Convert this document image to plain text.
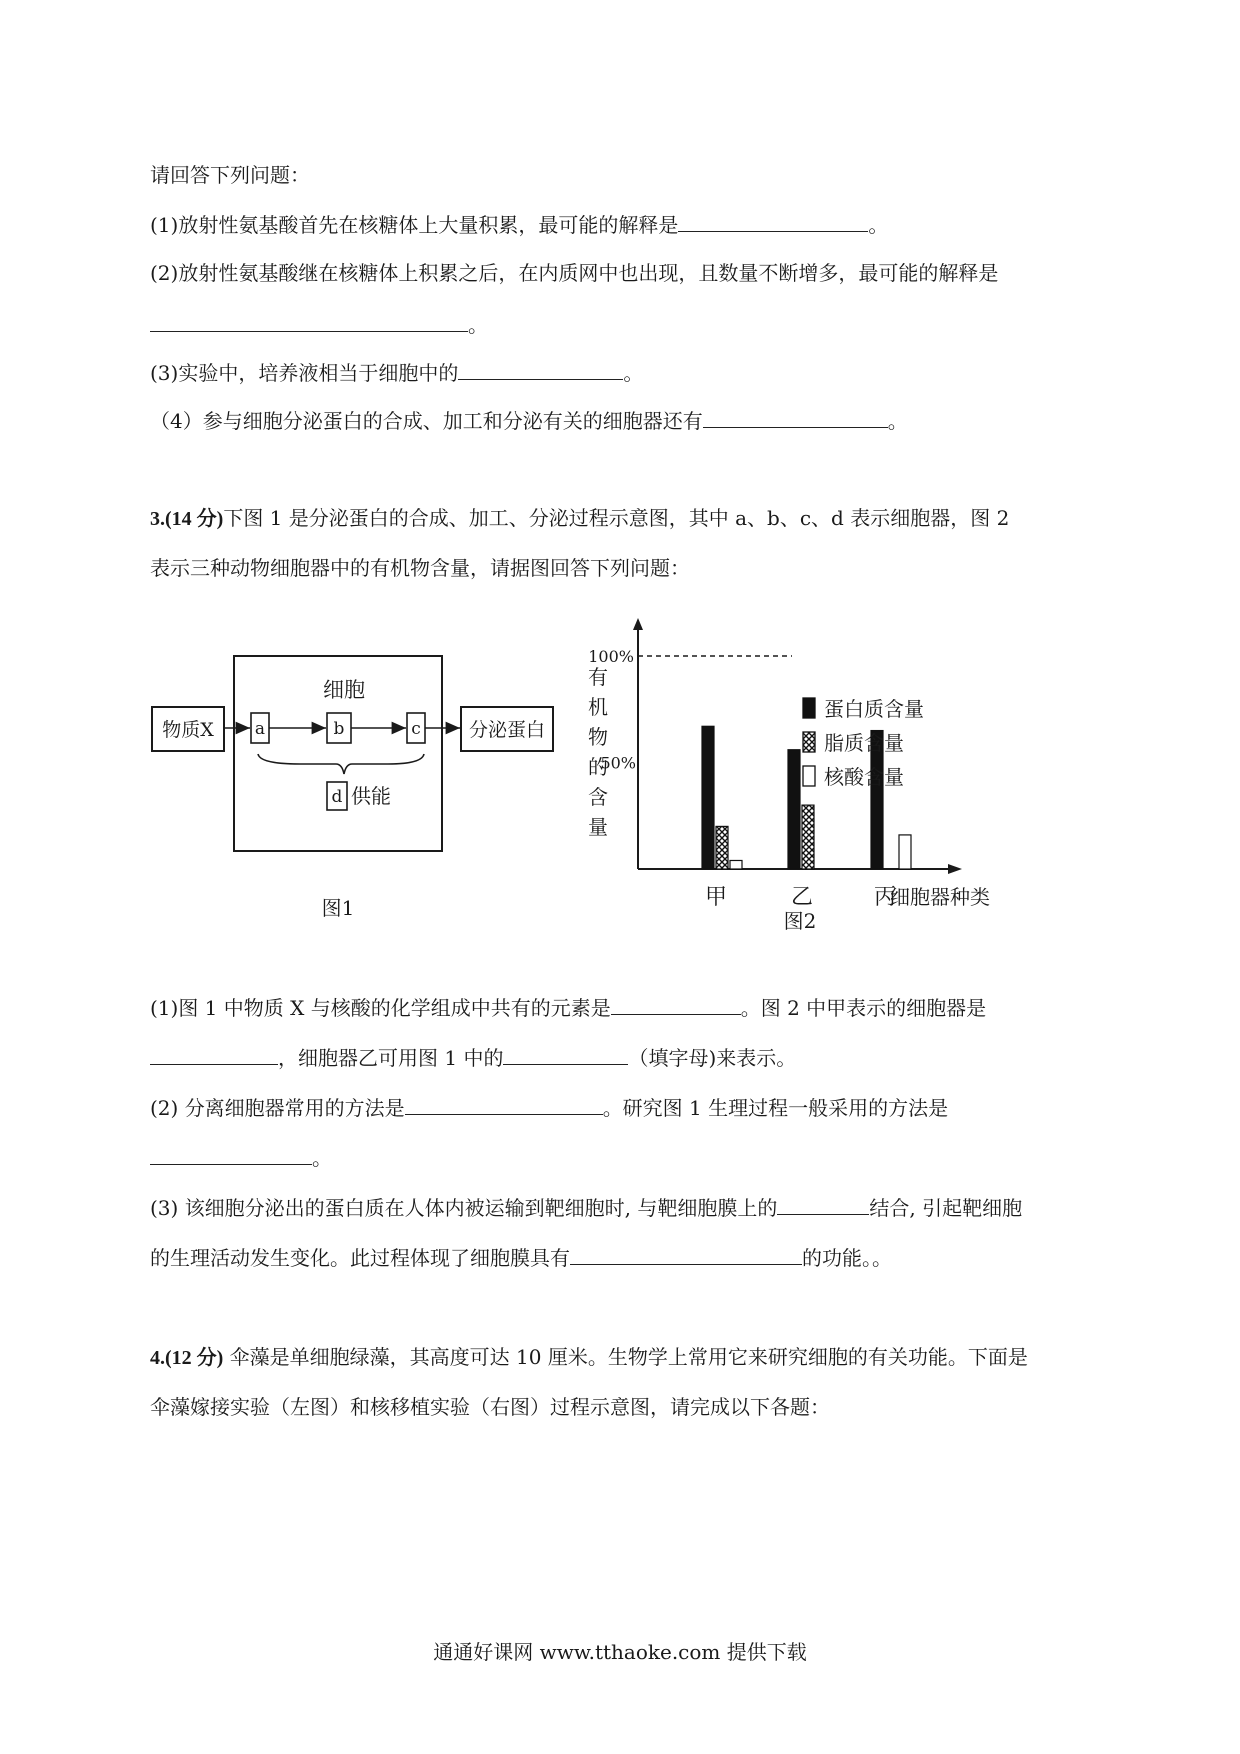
请回答下列问题：
(1)放射性氨基酸首先在核糖体上大量积累，最可能的解释是	。
(2)放射性氨基酸继在核糖体上积累之后，在内质网中也出现，且数量不断增多，最可能的解释是
。
(3)实验中，培养液相当于细胞中的	。
（4）参与细胞分泌蛋白的合成、加工和分泌有关的细胞器还有	。
3.(14 分)下图 1 是分泌蛋白的合成、加工、分泌过程示意图，其中 a、b、c、d 表示细胞器，图 2
表示三种动物细胞器中的有机物含量，请据图回答下列问题：
物质X a
细胞
b	c	分泌蛋白
d 供能
图1
100%
50%
有
机
物
的
含
量
甲	乙	丙
细胞器种类
图2
蛋白质含量
脂质含量
核酸含量
(1)图 1 中物质 X 与核酸的化学组成中共有的元素是	。图 2 中甲表示的细胞器是
，细胞器乙可用图 1 中的	（填字母)来表示。
(2) 分离细胞器常用的方法是	。研究图 1 生理过程一般采用的方法是
。
(3) 该细胞分泌出的蛋白质在人体内被运输到靶细胞时, 与靶细胞膜上的	结合, 引起靶细胞
的生理活动发生变化。此过程体现了细胞膜具有	的功能。。
4.(12 分) 伞藻是单细胞绿藻，其高度可达 10 厘米。生物学上常用它来研究细胞的有关功能。下面是
伞藻嫁接实验（左图）和核移植实验（右图）过程示意图，请完成以下各题：
通通好课网 www.tthaoke.com 提供下载
